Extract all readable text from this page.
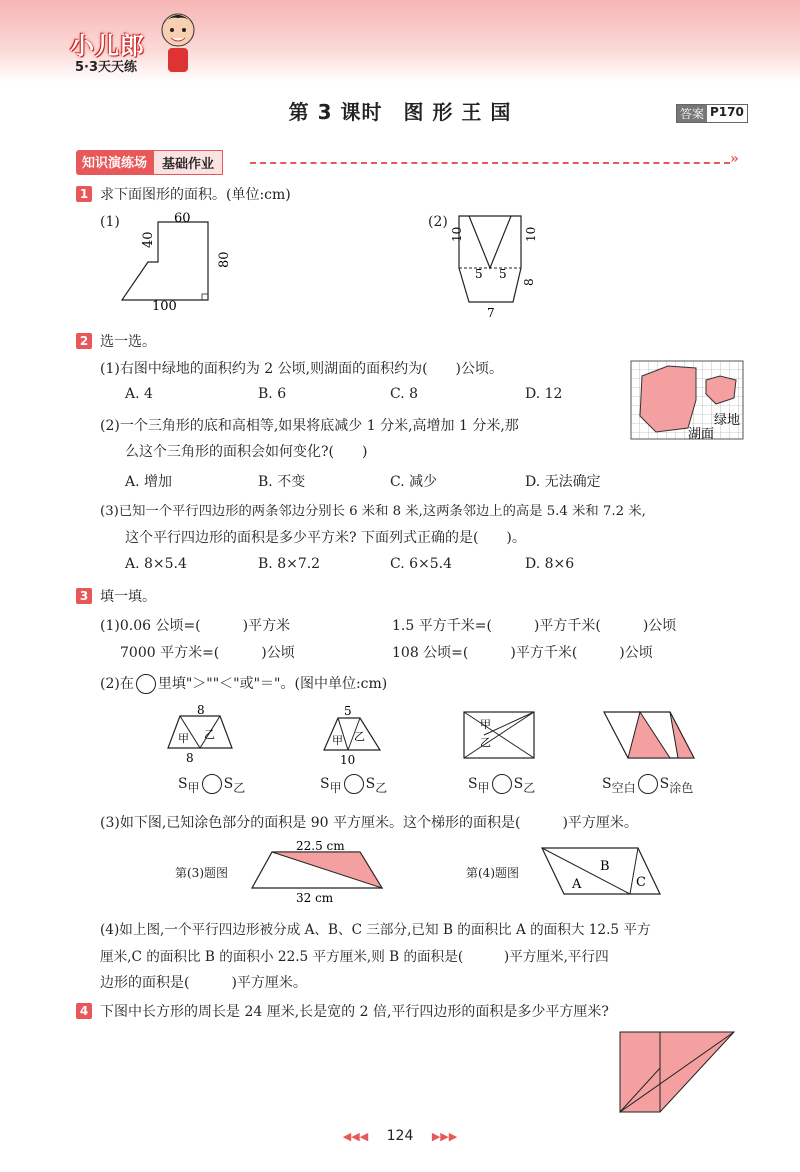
小儿郎
5·3天天练
第 3 课时　图 形 王 国	答案 P170
知识演练场	基础作业	»
1 求下面图形的面积。(单位:cm)
(1)	60
40
80
100
(2)
10	10
5 5
8
7
2 选一选。
(1)右图中绿地的面积约为 2 公顷,则湖面的面积约为(　　)公顷。
A. 4	B. 6	C. 8	D. 12
绿地
湖面
(2)一个三角形的底和高相等,如果将底减少 1 分米,高增加 1 分米,那
么这个三角形的面积会如何变化?(　　)
A. 增加	B. 不变	C. 减少	D. 无法确定
(3)已知一个平行四边形的两条邻边分别长 6 米和 8 米,这两条邻边上的高是 5.4 米和 7.2 米,
这个平行四边形的面积是多少平方米? 下面列式正确的是(　　)。
A. 8×5.4	B. 8×7.2	C. 6×5.4	D. 8×6
3 填一填。
(1)0.06 公顷=(　　　)平方米	1.5 平方千米=(　　　)平方千米(　　　)公顷
7000 平方米=(　　　)公顷	108 公顷=(　　　)平方千米(　　　)公顷
(2)在 里填"＞""＜"或"＝"。(图中单位:cm)
8
甲 乙
8
5
甲 乙
10
甲
乙
$S_甲$ $S_乙$	$S_甲$ $S_乙$	$S_甲$ $S_乙$	$S_{空白}$ $S_{涂色}$
(3)如下图,已知涂色部分的面积是 90 平方厘米。这个梯形的面积是(　　　)平方厘米。
第(3)题图
22.5 cm
32 cm
第(4)题图
A
B
C
(4)如上图,一个平行四边形被分成 A、B、C 三部分,已知 B 的面积比 A 的面积大 12.5 平方
厘米,C 的面积比 B 的面积小 22.5 平方厘米,则 B 的面积是(　　　)平方厘米,平行四
边形的面积是(　　　)平方厘米。
4 下图中长方形的周长是 24 厘米,长是宽的 2 倍,平行四边形的面积是多少平方厘米?
◀◀◀ 124 ▶▶▶
